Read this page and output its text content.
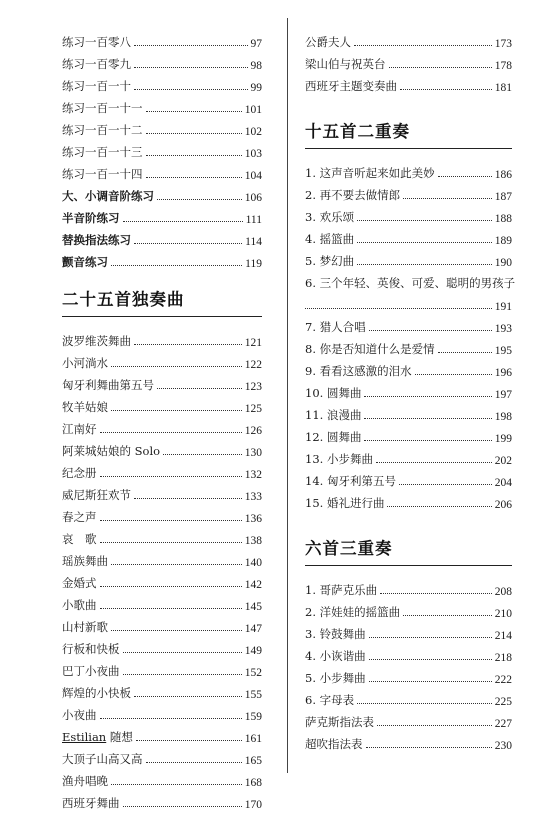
练习一百零八	97
练习一百零九	98
练习一百一十	99
练习一百一十一	101
练习一百一十二	102
练习一百一十三	103
练习一百一十四	104
大、小调音阶练习	106
半音阶练习	111
替换指法练习	114
颤音练习	119
二十五首独奏曲
波罗维茨舞曲	121
小河淌水	122
匈牙利舞曲第五号	123
牧羊姑娘	125
江南好	126
阿莱城姑娘的 Solo	130
纪念册	132
威尼斯狂欢节	133
春之声	136
哀　歌	138
瑶族舞曲	140
金婚式	142
小歌曲	145
山村新歌	147
行板和快板	149
巴丁小夜曲	152
辉煌的小快板	155
小夜曲	159
Estilian 随想	161
大顶子山高又高	165
渔舟唱晚	168
西班牙舞曲	170
公爵夫人	173
梁山伯与祝英台	178
西班牙主题变奏曲	181
十五首二重奏
1. 这声音听起来如此美妙	186
2. 再不要去做情郎	187
3. 欢乐颂	188
4. 摇篮曲	189
5. 梦幻曲	190
6. 三个年轻、英俊、可爱、聪明的男孩子
191
7. 猎人合唱	193
8. 你是否知道什么是爱情	195
9. 看看这感激的泪水	196
10. 圆舞曲	197
11. 浪漫曲	198
12. 圆舞曲	199
13. 小步舞曲	202
14. 匈牙利第五号	204
15. 婚礼进行曲	206
六首三重奏
1. 哥萨克乐曲	208
2. 洋娃娃的摇篮曲	210
3. 铃鼓舞曲	214
4. 小诙谐曲	218
5. 小步舞曲	222
6. 字母表	225
萨克斯指法表	227
超吹指法表	230
